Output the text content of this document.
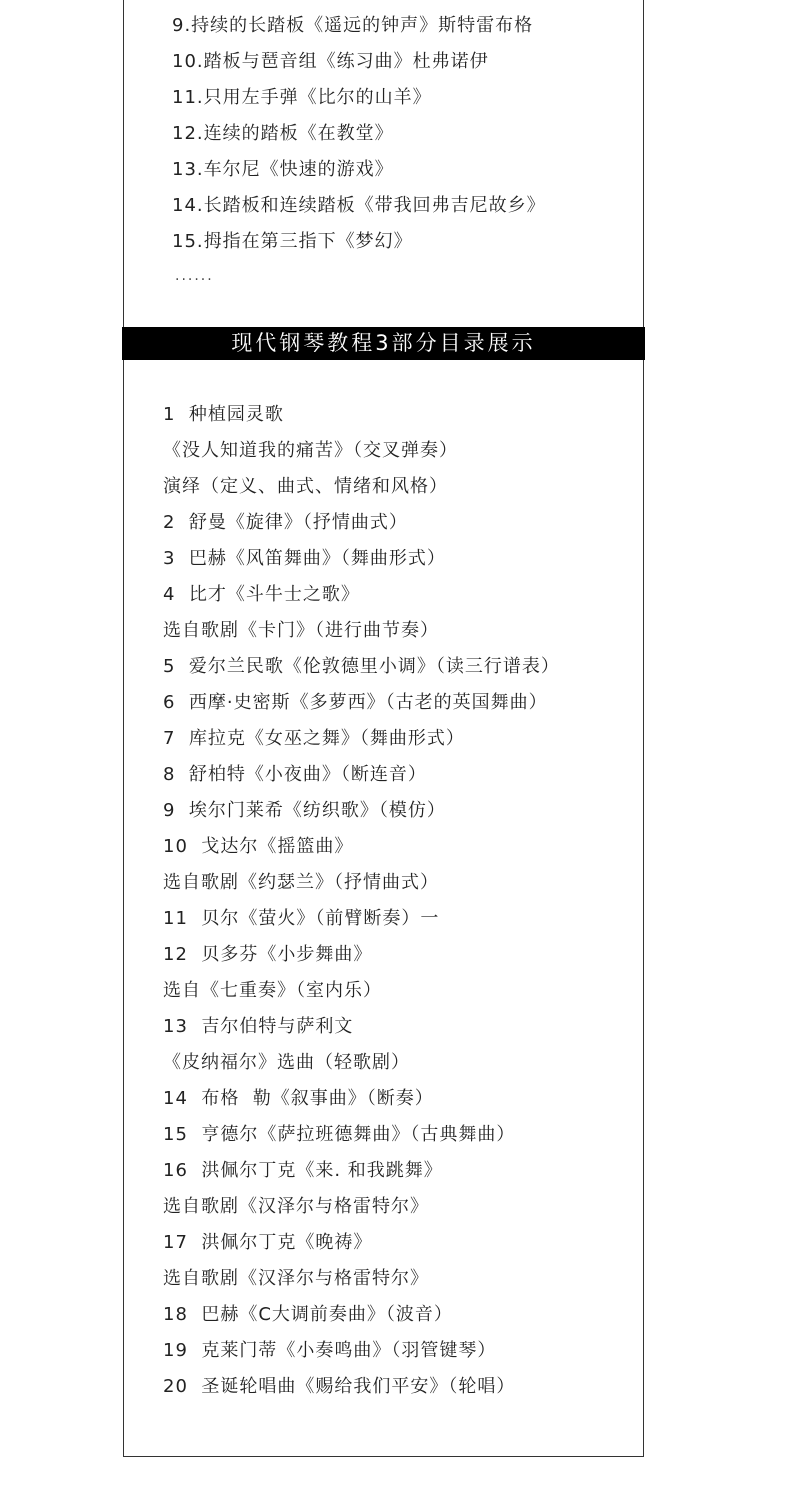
9.持续的长踏板《遥远的钟声》斯特雷布格
10.踏板与琶音组《练习曲》杜弗诺伊
11.只用左手弹《比尔的山羊》
12.连续的踏板《在教堂》
13.车尔尼《快速的游戏》
14.长踏板和连续踏板《带我回弗吉尼故乡》
15.拇指在第三指下《梦幻》
......
现代钢琴教程3部分目录展示
1  种植园灵歌
《没人知道我的痛苦》（交叉弹奏）
演绎（定义、曲式、情绪和风格）
2  舒曼《旋律》（抒情曲式）
3  巴赫《风笛舞曲》（舞曲形式）
4  比才《斗牛士之歌》
选自歌剧《卡门》（进行曲节奏）
5  爱尔兰民歌《伦敦德里小调》（读三行谱表）
6  西摩·史密斯《多萝西》（古老的英国舞曲）
7  库拉克《女巫之舞》（舞曲形式）
8  舒柏特《小夜曲》（断连音）
9  埃尔门莱希《纺织歌》（模仿）
10  戈达尔《摇篮曲》
选自歌剧《约瑟兰》（抒情曲式）
11  贝尔《萤火》（前臂断奏）一
12  贝多芬《小步舞曲》
选自《七重奏》（室内乐）
13  吉尔伯特与萨利文
《皮纳福尔》选曲（轻歌剧）
14  布格  勒《叙事曲》（断奏）
15  亨德尔《萨拉班德舞曲》（古典舞曲）
16  洪佩尔丁克《来. 和我跳舞》
选自歌剧《汉泽尔与格雷特尔》
17  洪佩尔丁克《晚祷》
选自歌剧《汉泽尔与格雷特尔》
18  巴赫《C大调前奏曲》（波音）
19  克莱门蒂《小奏鸣曲》（羽管键琴）
20  圣诞轮唱曲《赐给我们平安》（轮唱）
